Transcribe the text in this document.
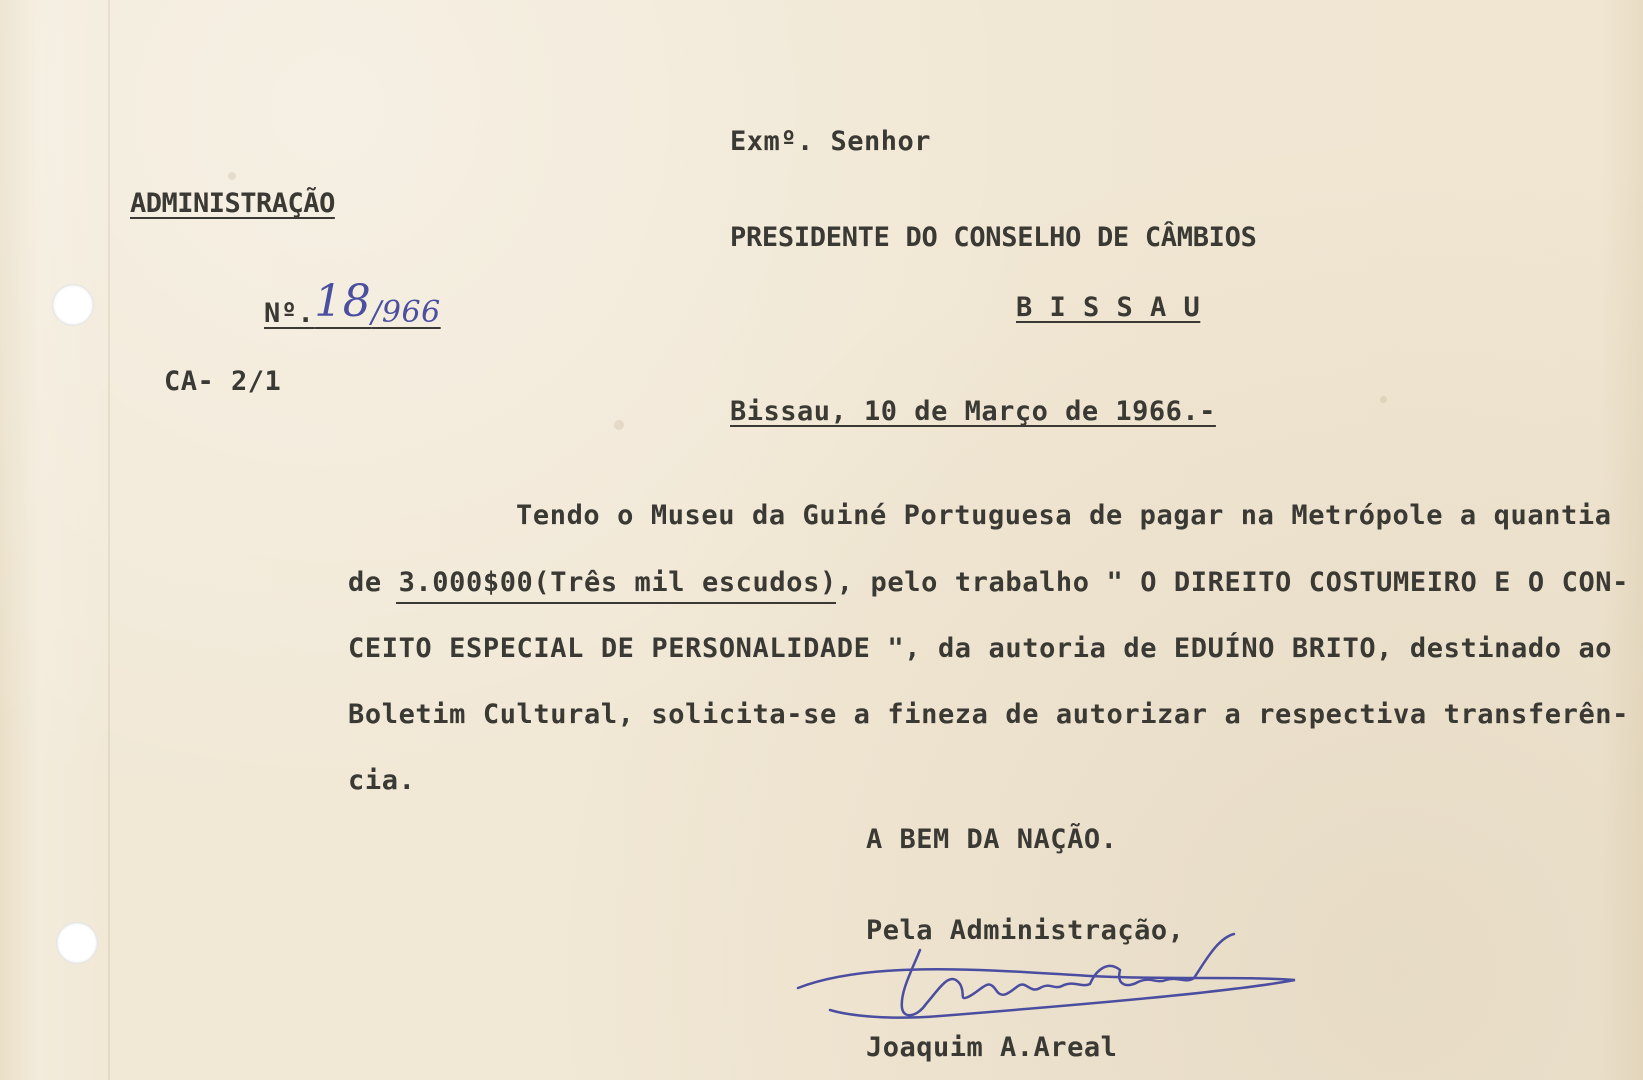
ADMINISTRAÇÃO
Nº.18/966
CA- 2/1
Exmº. Senhor
PRESIDENTE DO CONSELHO DE CÂMBIOS
B I S S A U
Bissau, 10 de Março de 1966.-
Tendo o Museu da Guiné Portuguesa de pagar na Metrópole a quantia
de 3.000$00(Três mil escudos), pelo trabalho " O DIREITO COSTUMEIRO E O CON-
CEITO ESPECIAL DE PERSONALIDADE ", da autoria de EDUÍNO BRITO, destinado ao
Boletim Cultural, solicita-se a fineza de autorizar a respectiva transferên-
cia.
A BEM DA NAÇÃO.
Pela Administração,
Joaquim A.Areal
